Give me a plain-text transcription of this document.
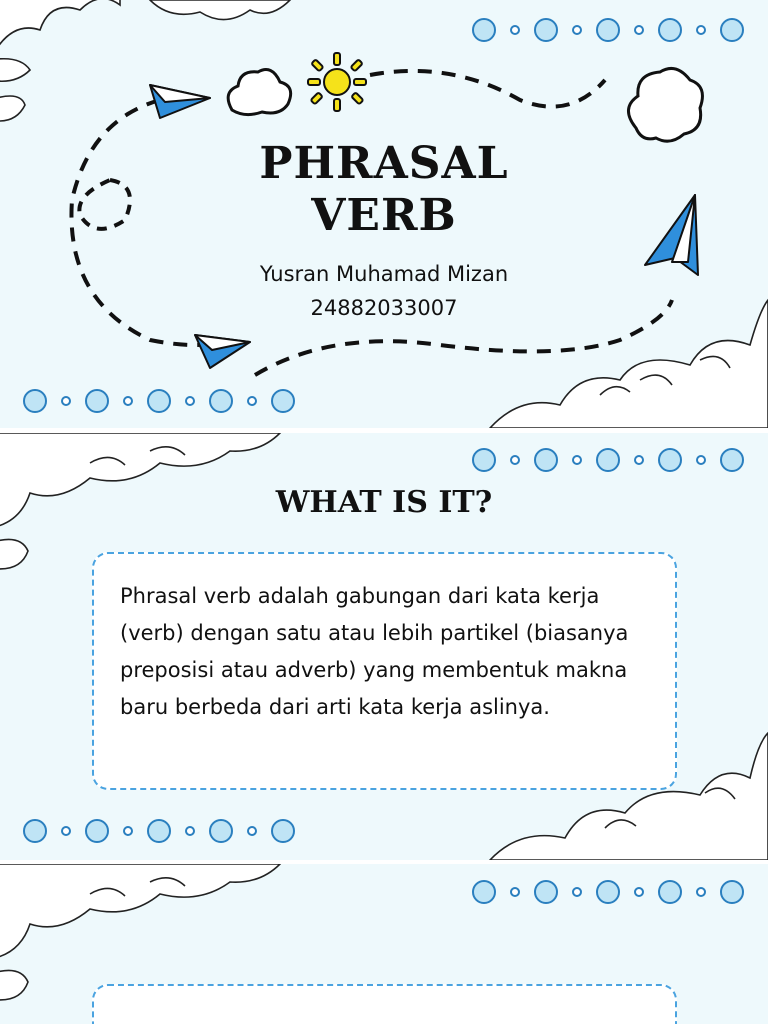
PHRASAL
VERB
Yusran Muhamad Mizan
24882033007
WHAT IS IT?

Phrasal verb adalah gabungan dari kata kerja (verb) dengan satu atau lebih partikel (biasanya preposisi atau adverb) yang membentuk makna baru berbeda dari arti kata kerja aslinya.
